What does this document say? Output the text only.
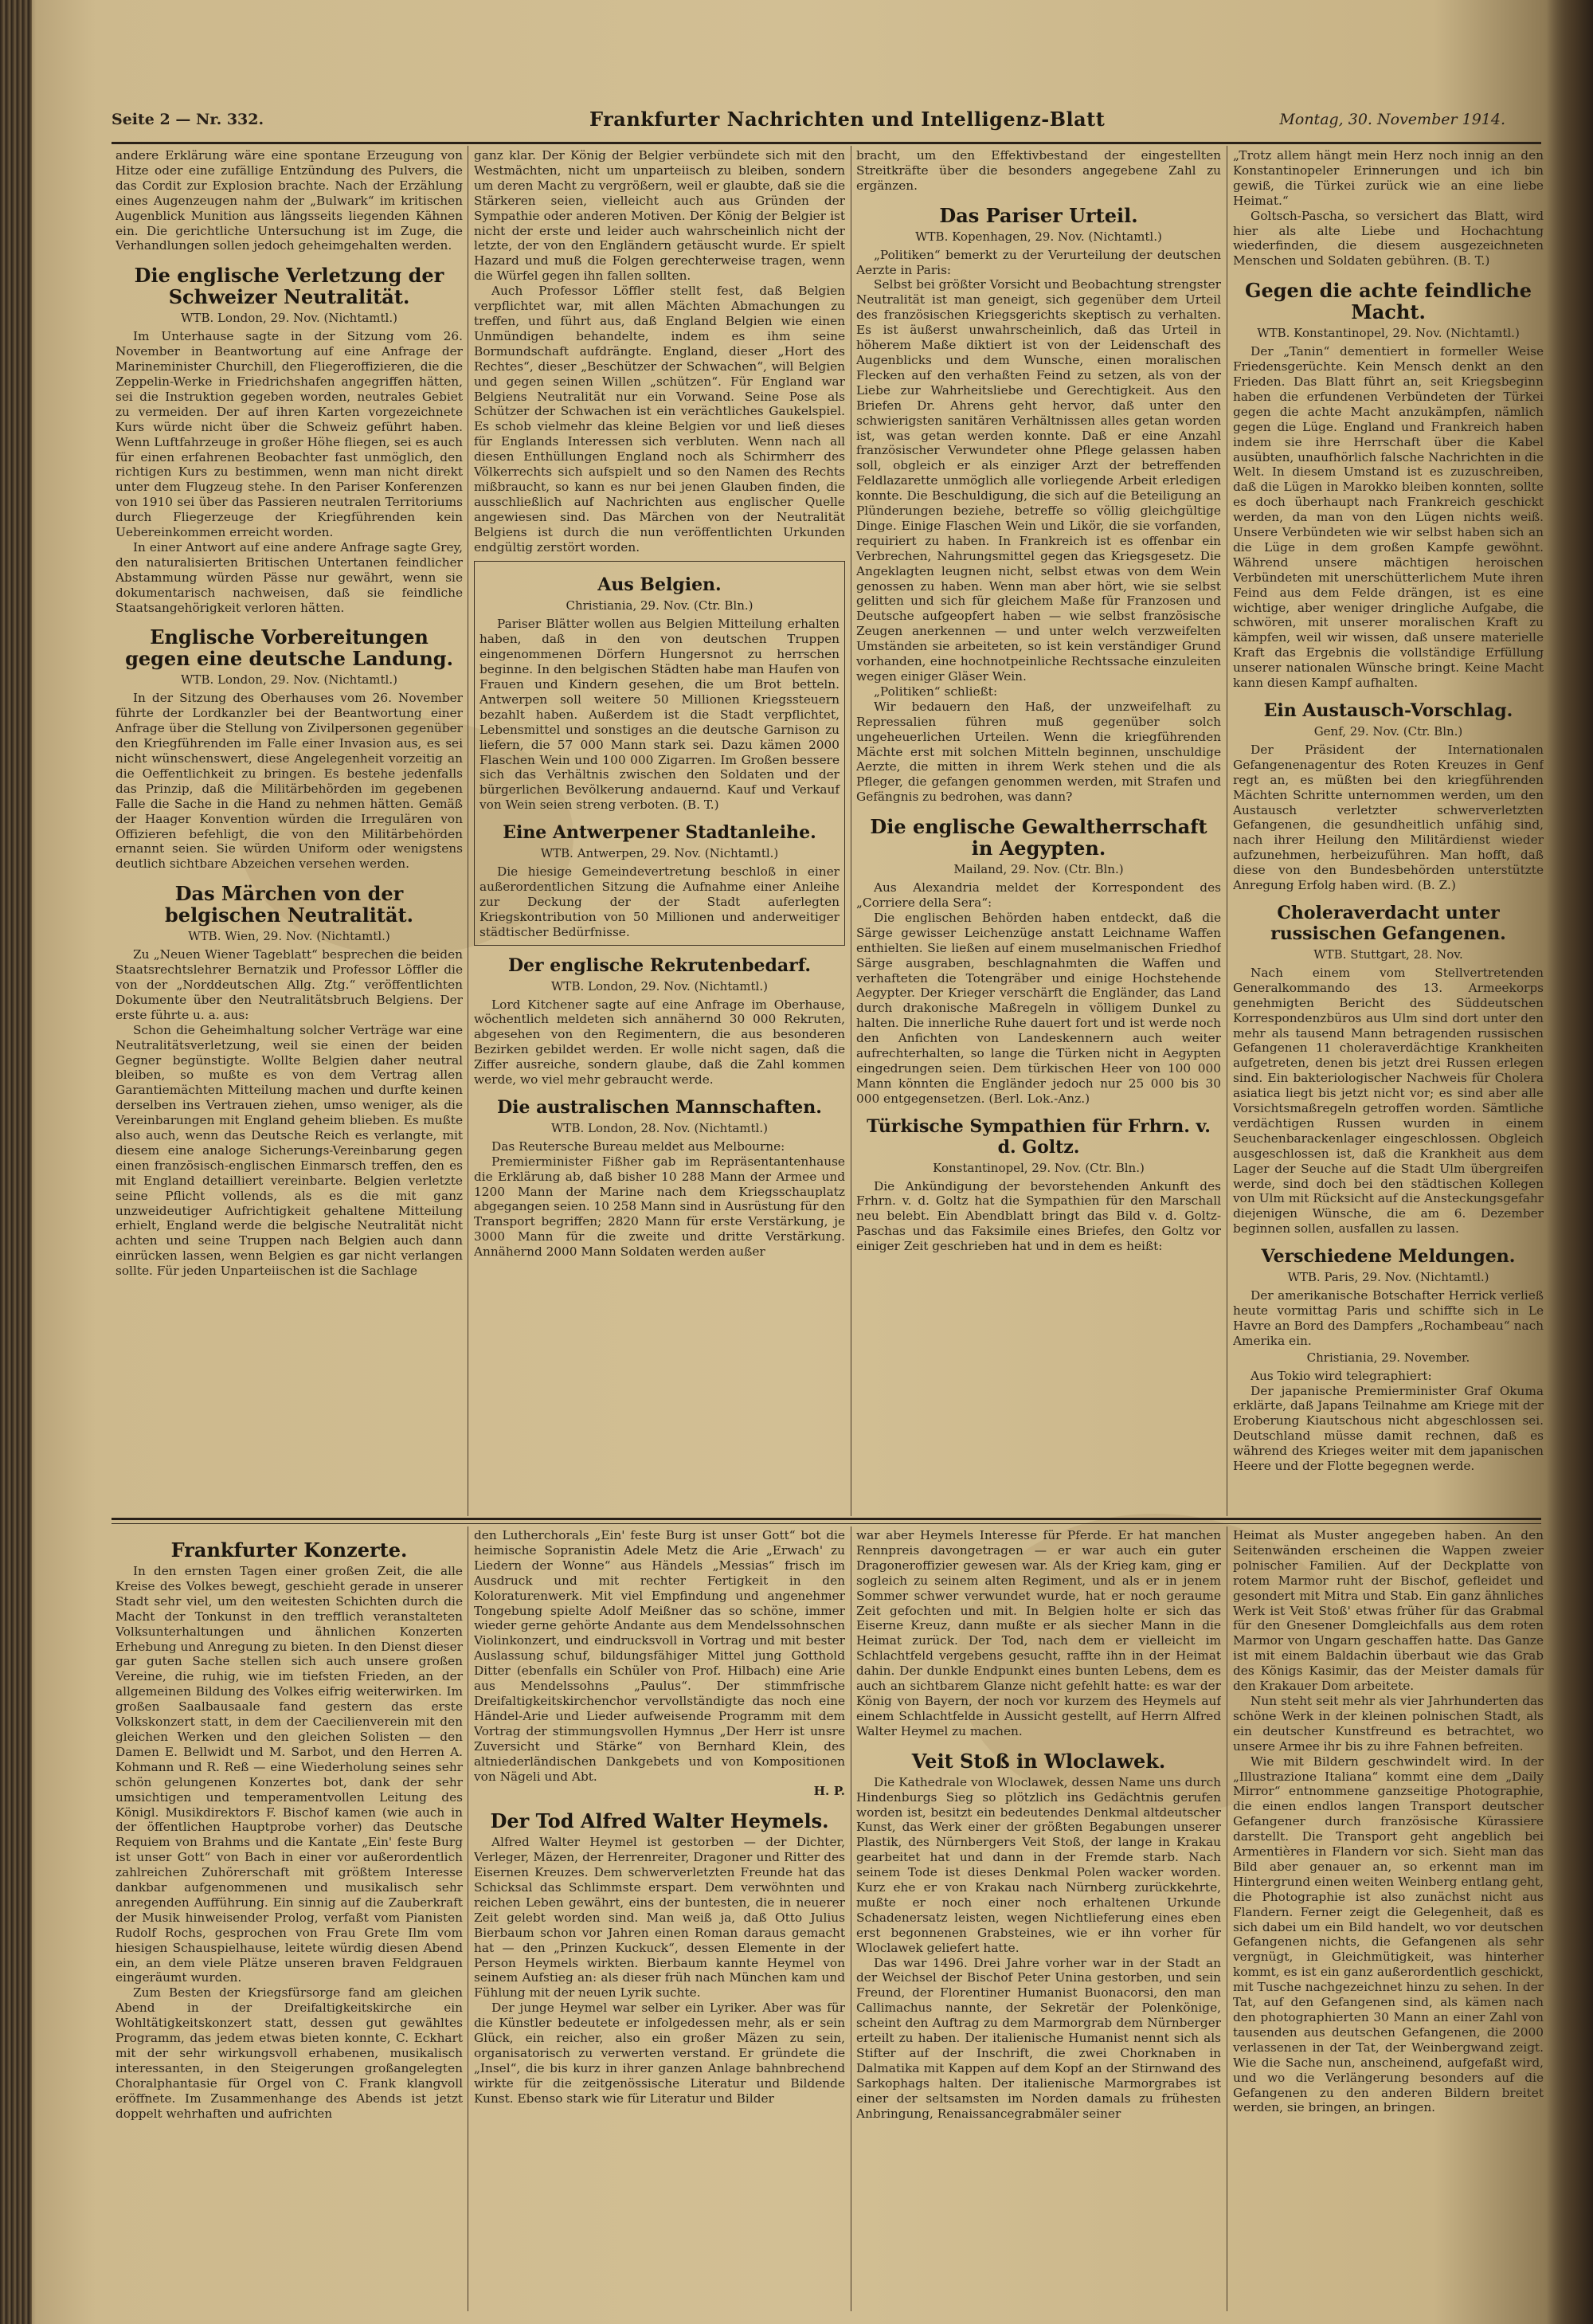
Seite 2 — Nr. 332.	Frankfurter Nachrichten und Intelligenz-Blatt	Montag, 30. November 1914.

andere Erklärung wäre eine spontane Erzeugung von Hitze oder eine zufällige Entzündung des Pulvers, die das Cordit zur Explosion brachte. Nach der Erzählung eines Augenzeugen nahm der „Bulwark“ im kritischen Augenblick Munition aus längsseits liegenden Kähnen ein. Die gerichtliche Untersuchung ist im Zuge, die Verhandlungen sollen jedoch geheimgehalten werden.

Die englische Verletzung der Schweizer Neutralität.
WTB. London, 29. Nov. (Nichtamtl.)

Im Unterhause sagte in der Sitzung vom 26. November in Beantwortung auf eine Anfrage der Marineminister Churchill, den Fliegeroffizieren, die die Zeppelin-Werke in Friedrichshafen angegriffen hätten, sei die Instruktion gegeben worden, neutrales Gebiet zu vermeiden. Der auf ihren Karten vorgezeichnete Kurs würde nicht über die Schweiz geführt haben. Wenn Luftfahrzeuge in großer Höhe fliegen, sei es auch für einen erfahrenen Beobachter fast unmöglich, den richtigen Kurs zu bestimmen, wenn man nicht direkt unter dem Flugzeug stehe. In den Pariser Konferenzen von 1910 sei über das Passieren neutralen Territoriums durch Fliegerzeuge der Kriegführenden kein Uebereinkommen erreicht worden.

In einer Antwort auf eine andere Anfrage sagte Grey, den naturalisierten Britischen Untertanen feindlicher Abstammung würden Pässe nur gewährt, wenn sie dokumentarisch nachweisen, daß sie feindliche Staatsangehörigkeit verloren hätten.

Englische Vorbereitungen gegen eine deutsche Landung.
WTB. London, 29. Nov. (Nichtamtl.)

In der Sitzung des Oberhauses vom 26. November führte der Lordkanzler bei der Beantwortung einer Anfrage über die Stellung von Zivilpersonen gegenüber den Kriegführenden im Falle einer Invasion aus, es sei nicht wünschenswert, diese Angelegenheit vorzeitig an die Oeffentlichkeit zu bringen. Es bestehe jedenfalls das Prinzip, daß die Militärbehörden im gegebenen Falle die Sache in die Hand zu nehmen hätten. Gemäß der Haager Konvention würden die Irregulären von Offizieren befehligt, die von den Militärbehörden ernannt seien. Sie würden Uniform oder wenigstens deutlich sichtbare Abzeichen versehen werden.

Das Märchen von der belgischen Neutralität.
WTB. Wien, 29. Nov. (Nichtamtl.)

Zu „Neuen Wiener Tageblatt“ besprechen die beiden Staatsrechtslehrer Bernatzik und Professor Löffler die von der „Norddeutschen Allg. Ztg.“ veröffentlichten Dokumente über den Neutralitätsbruch Belgiens. Der erste führte u. a. aus:

Schon die Geheimhaltung solcher Verträge war eine Neutralitätsverletzung, weil sie einen der beiden Gegner begünstigte. Wollte Belgien daher neutral bleiben, so mußte es von dem Vertrag allen Garantiemächten Mitteilung machen und durfte keinen derselben ins Vertrauen ziehen, umso weniger, als die Vereinbarungen mit England geheim blieben. Es mußte also auch, wenn das Deutsche Reich es verlangte, mit diesem eine analoge Sicherungs-Vereinbarung gegen einen französisch-englischen Einmarsch treffen, den es mit England detailliert vereinbarte. Belgien verletzte seine Pflicht vollends, als es die mit ganz unzweideutiger Aufrichtigkeit gehaltene Mitteilung erhielt, England werde die belgische Neutralität nicht achten und seine Truppen nach Belgien auch dann einrücken lassen, wenn Belgien es gar nicht verlangen sollte. Für jeden Unparteiischen ist die Sachlage

ganz klar. Der König der Belgier verbündete sich mit den Westmächten, nicht um unparteiisch zu bleiben, sondern um deren Macht zu vergrößern, weil er glaubte, daß sie die Stärkeren seien, vielleicht auch aus Gründen der Sympathie oder anderen Motiven. Der König der Belgier ist nicht der erste und leider auch wahrscheinlich nicht der letzte, der von den Engländern getäuscht wurde. Er spielt Hazard und muß die Folgen gerechterweise tragen, wenn die Würfel gegen ihn fallen sollten.

Auch Professor Löffler stellt fest, daß Belgien verpflichtet war, mit allen Mächten Abmachungen zu treffen, und führt aus, daß England Belgien wie einen Unmündigen behandelte, indem es ihm seine Bormundschaft aufdrängte. England, dieser „Hort des Rechtes“, dieser „Beschützer der Schwachen“, will Belgien und gegen seinen Willen „schützen“. Für England war Belgiens Neutralität nur ein Vorwand. Seine Pose als Schützer der Schwachen ist ein verächtliches Gaukelspiel. Es schob vielmehr das kleine Belgien vor und ließ dieses für Englands Interessen sich verbluten. Wenn nach all diesen Enthüllungen England noch als Schirmherr des Völkerrechts sich aufspielt und so den Namen des Rechts mißbraucht, so kann es nur bei jenen Glauben finden, die ausschließlich auf Nachrichten aus englischer Quelle angewiesen sind. Das Märchen von der Neutralität Belgiens ist durch die nun veröffentlichten Urkunden endgültig zerstört worden.

Aus Belgien.
Christiania, 29. Nov. (Ctr. Bln.)

Pariser Blätter wollen aus Belgien Mitteilung erhalten haben, daß in den von deutschen Truppen eingenommenen Dörfern Hungersnot zu herrschen beginne. In den belgischen Städten habe man Haufen von Frauen und Kindern gesehen, die um Brot betteln. Antwerpen soll weitere 50 Millionen Kriegssteuern bezahlt haben. Außerdem ist die Stadt verpflichtet, Lebensmittel und sonstiges an die deutsche Garnison zu liefern, die 57 000 Mann stark sei. Dazu kämen 2000 Flaschen Wein und 100 000 Zigarren. Im Großen bessere sich das Verhältnis zwischen den Soldaten und der bürgerlichen Bevölkerung andauernd. Kauf und Verkauf von Wein seien streng verboten. (B. T.)

Eine Antwerpener Stadtanleihe.
WTB. Antwerpen, 29. Nov. (Nichtamtl.)

Die hiesige Gemeindevertretung beschloß in einer außerordentlichen Sitzung die Aufnahme einer Anleihe zur Deckung der der Stadt auferlegten Kriegskontribution von 50 Millionen und anderweitiger städtischer Bedürfnisse.

Der englische Rekrutenbedarf.
WTB. London, 29. Nov. (Nichtamtl.)

Lord Kitchener sagte auf eine Anfrage im Oberhause, wöchentlich meldeten sich annähernd 30 000 Rekruten, abgesehen von den Regimentern, die aus besonderen Bezirken gebildet werden. Er wolle nicht sagen, daß die Ziffer ausreiche, sondern glaube, daß die Zahl kommen werde, wo viel mehr gebraucht werde.

Die australischen Mannschaften.
WTB. London, 28. Nov. (Nichtamtl.)

Das Reutersche Bureau meldet aus Melbourne:

Premierminister Fißher gab im Repräsentantenhause die Erklärung ab, daß bisher 10 288 Mann der Armee und 1200 Mann der Marine nach dem Kriegsschauplatz abgegangen seien. 10 258 Mann sind in Ausrüstung für den Transport begriffen; 2820 Mann für erste Verstärkung, je 3000 Mann für die zweite und dritte Verstärkung. Annähernd 2000 Mann Soldaten werden außer

bracht, um den Effektivbestand der eingestellten Streitkräfte über die besonders angegebene Zahl zu ergänzen.

Das Pariser Urteil.
WTB. Kopenhagen, 29. Nov. (Nichtamtl.)

„Politiken“ bemerkt zu der Verurteilung der deutschen Aerzte in Paris:

Selbst bei größter Vorsicht und Beobachtung strengster Neutralität ist man geneigt, sich gegenüber dem Urteil des französischen Kriegsgerichts skeptisch zu verhalten. Es ist äußerst unwahrscheinlich, daß das Urteil in höherem Maße diktiert ist von der Leidenschaft des Augenblicks und dem Wunsche, einen moralischen Flecken auf den verhaßten Feind zu setzen, als von der Liebe zur Wahrheitsliebe und Gerechtigkeit. Aus den Briefen Dr. Ahrens geht hervor, daß unter den schwierigsten sanitären Verhältnissen alles getan worden ist, was getan werden konnte. Daß er eine Anzahl französischer Verwundeter ohne Pflege gelassen haben soll, obgleich er als einziger Arzt der betreffenden Feldlazarette unmöglich alle vorliegende Arbeit erledigen konnte. Die Beschuldigung, die sich auf die Beteiligung an Plünderungen beziehe, betreffe so völlig gleichgültige Dinge. Einige Flaschen Wein und Likör, die sie vorfanden, requiriert zu haben. In Frankreich ist es offenbar ein Verbrechen, Nahrungsmittel gegen das Kriegsgesetz. Die Angeklagten leugnen nicht, selbst etwas von dem Wein genossen zu haben. Wenn man aber hört, wie sie selbst gelitten und sich für gleichem Maße für Franzosen und Deutsche aufgeopfert haben — wie selbst französische Zeugen anerkennen — und unter welch verzweifelten Umständen sie arbeiteten, so ist kein verständiger Grund vorhanden, eine hochnotpeinliche Rechtssache einzuleiten wegen einiger Gläser Wein.

„Politiken“ schließt:

Wir bedauern den Haß, der unzweifelhaft zu Repressalien führen muß gegenüber solch ungeheuerlichen Urteilen. Wenn die kriegführenden Mächte erst mit solchen Mitteln beginnen, unschuldige Aerzte, die mitten in ihrem Werk stehen und die als Pfleger, die gefangen genommen werden, mit Strafen und Gefängnis zu bedrohen, was dann?

Die englische Gewaltherrschaft in Aegypten.
Mailand, 29. Nov. (Ctr. Bln.)

Aus Alexandria meldet der Korrespondent des „Corriere della Sera“:

Die englischen Behörden haben entdeckt, daß die Särge gewisser Leichenzüge anstatt Leichname Waffen enthielten. Sie ließen auf einem muselmanischen Friedhof Särge ausgraben, beschlagnahmten die Waffen und verhafteten die Totengräber und einige Hochstehende Aegypter. Der Krieger verschärft die Engländer, das Land durch drakonische Maßregeln in völligem Dunkel zu halten. Die innerliche Ruhe dauert fort und ist werde noch den Anfichten von Landeskennern auch weiter aufrechterhalten, so lange die Türken nicht in Aegypten eingedrungen seien. Dem türkischen Heer von 100 000 Mann könnten die Engländer jedoch nur 25 000 bis 30 000 entgegensetzen. (Berl. Lok.-Anz.)

Türkische Sympathien für Frhrn. v. d. Goltz.
Konstantinopel, 29. Nov. (Ctr. Bln.)

Die Ankündigung der bevorstehenden Ankunft des Frhrn. v. d. Goltz hat die Sympathien für den Marschall neu belebt. Ein Abendblatt bringt das Bild v. d. Goltz-Paschas und das Faksimile eines Briefes, den Goltz vor einiger Zeit geschrieben hat und in dem es heißt:

„Trotz allem hängt mein Herz noch innig an den Konstantinopeler Erinnerungen und ich bin gewiß, die Türkei zurück wie an eine liebe Heimat.“

Goltsch-Pascha, so versichert das Blatt, wird hier als alte Liebe und Hochachtung wiederfinden, die diesem ausgezeichneten Menschen und Soldaten gebühren. (B. T.)

Gegen die achte feindliche Macht.
WTB. Konstantinopel, 29. Nov. (Nichtamtl.)

Der „Tanin“ dementiert in formeller Weise Friedensgerüchte. Kein Mensch denkt an den Frieden. Das Blatt führt an, seit Kriegsbeginn haben die erfundenen Verbündeten der Türkei gegen die achte Macht anzukämpfen, nämlich gegen die Lüge. England und Frankreich haben indem sie ihre Herrschaft über die Kabel ausübten, unaufhörlich falsche Nachrichten in die Welt. In diesem Umstand ist es zuzuschreiben, daß die Lügen in Marokko bleiben konnten, sollte es doch überhaupt nach Frankreich geschickt werden, da man von den Lügen nichts weiß. Unsere Verbündeten wie wir selbst haben sich an die Lüge in dem großen Kampfe gewöhnt. Während unsere mächtigen heroischen Verbündeten mit unerschütterlichem Mute ihren Feind aus dem Felde drängen, ist es eine wichtige, aber weniger dringliche Aufgabe, die schwören, mit unserer moralischen Kraft zu kämpfen, weil wir wissen, daß unsere materielle Kraft das Ergebnis die vollständige Erfüllung unserer nationalen Wünsche bringt. Keine Macht kann diesen Kampf aufhalten.

Ein Austausch-Vorschlag.
Genf, 29. Nov. (Ctr. Bln.)

Der Präsident der Internationalen Gefangenenagentur des Roten Kreuzes in Genf regt an, es müßten bei den kriegführenden Mächten Schritte unternommen werden, um den Austausch verletzter schwerverletzten Gefangenen, die gesundheitlich unfähig sind, nach ihrer Heilung den Militärdienst wieder aufzunehmen, herbeizuführen. Man hofft, daß diese von den Bundesbehörden unterstützte Anregung Erfolg haben wird. (B. Z.)

Choleraverdacht unter russischen Gefangenen.
WTB. Stuttgart, 28. Nov.

Nach einem vom Stellvertretenden Generalkommando des 13. Armeekorps genehmigten Bericht des Süddeutschen Korrespondenzbüros aus Ulm sind dort unter den mehr als tausend Mann betragenden russischen Gefangenen 11 choleraverdächtige Krankheiten aufgetreten, denen bis jetzt drei Russen erlegen sind. Ein bakteriologischer Nachweis für Cholera asiatica liegt bis jetzt nicht vor; es sind aber alle Vorsichtsmaßregeln getroffen worden. Sämtliche verdächtigen Russen wurden in einem Seuchenbarackenlager eingeschlossen. Obgleich ausgeschlossen ist, daß die Krankheit aus dem Lager der Seuche auf die Stadt Ulm übergreifen werde, sind doch bei den städtischen Kollegen von Ulm mit Rücksicht auf die Ansteckungsgefahr diejenigen Wünsche, die am 6. Dezember beginnen sollen, ausfallen zu lassen.

Verschiedene Meldungen.
WTB. Paris, 29. Nov. (Nichtamtl.)

Der amerikanische Botschafter Herrick verließ heute vormittag Paris und schiffte sich in Le Havre an Bord des Dampfers „Rochambeau“ nach Amerika ein.

Christiania, 29. November.

Aus Tokio wird telegraphiert:

Der japanische Premierminister Graf Okuma erklärte, daß Japans Teilnahme am Kriege mit der Eroberung Kiautschous nicht abgeschlossen sei. Deutschland müsse damit rechnen, daß es während des Krieges weiter mit dem japanischen Heere und der Flotte begegnen werde.

Frankfurter Konzerte.

In den ernsten Tagen einer großen Zeit, die alle Kreise des Volkes bewegt, geschieht gerade in unserer Stadt sehr viel, um den weitesten Schichten durch die Macht der Tonkunst in den trefflich veranstalteten Volksunterhaltungen und ähnlichen Konzerten Erhebung und Anregung zu bieten. In den Dienst dieser gar guten Sache stellen sich auch unsere großen Vereine, die ruhig, wie im tiefsten Frieden, an der allgemeinen Bildung des Volkes eifrig weiterwirken. Im großen Saalbausaale fand gestern das erste Volkskonzert statt, in dem der Caecilienverein mit den gleichen Werken und den gleichen Solisten — den Damen E. Bellwidt und M. Sarbot, und den Herren A. Kohmann und R. Reß — eine Wiederholung seines sehr schön gelungenen Konzertes bot, dank der sehr umsichtigen und temperamentvollen Leitung des Königl. Musikdirektors F. Bischof kamen (wie auch in der öffentlichen Hauptprobe vorher) das Deutsche Requiem von Brahms und die Kantate „Ein' feste Burg ist unser Gott“ von Bach in einer vor außerordentlich zahlreichen Zuhörerschaft mit größtem Interesse dankbar aufgenommenen und musikalisch sehr anregenden Aufführung. Ein sinnig auf die Zauberkraft der Musik hinweisender Prolog, verfaßt vom Pianisten Rudolf Rochs, gesprochen von Frau Grete Ilm vom hiesigen Schauspielhause, leitete würdig diesen Abend ein, an dem viele Plätze unseren braven Feldgrauen eingeräumt wurden.

Zum Besten der Kriegsfürsorge fand am gleichen Abend in der Dreifaltigkeitskirche ein Wohltätigkeitskonzert statt, dessen gut gewähltes Programm, das jedem etwas bieten konnte, C. Eckhart mit der sehr wirkungsvoll erhabenen, musikalisch interessanten, in den Steigerungen großangelegten Choralphantasie für Orgel von C. Frank klangvoll eröffnete. Im Zusammenhange des Abends ist jetzt doppelt wehrhaften und aufrichten

den Lutherchorals „Ein' feste Burg ist unser Gott“ bot die heimische Sopranistin Adele Metz die Arie „Erwach' zu Liedern der Wonne“ aus Händels „Messias“ frisch im Ausdruck und mit rechter Fertigkeit in den Koloraturenwerk. Mit viel Empfindung und angenehmer Tongebung spielte Adolf Meißner das so schöne, immer wieder gerne gehörte Andante aus dem Mendelssohnschen Violinkonzert, und eindrucksvoll in Vortrag und mit bester Auslassung schuf, bildungsfähiger Mittel jung Gotthold Ditter (ebenfalls ein Schüler von Prof. Hilbach) eine Arie aus Mendelssohns „Paulus“. Der stimmfrische Dreifaltigkeitskirchenchor vervollständigte das noch eine Händel-Arie und Lieder aufweisende Programm mit dem Vortrag der stimmungsvollen Hymnus „Der Herr ist unsre Zuversicht und Stärke“ von Bernhard Klein, des altniederländischen Dankgebets und von Kompositionen von Nägeli und Abt.

H. P.
Der Tod Alfred Walter Heymels.

Alfred Walter Heymel ist gestorben — der Dichter, Verleger, Mäzen, der Herrenreiter, Dragoner und Ritter des Eisernen Kreuzes. Dem schwerverletzten Freunde hat das Schicksal das Schlimmste erspart. Dem verwöhnten und reichen Leben gewährt, eins der buntesten, die in neuerer Zeit gelebt worden sind. Man weiß ja, daß Otto Julius Bierbaum schon vor Jahren einen Roman daraus gemacht hat — den „Prinzen Kuckuck“, dessen Elemente in der Person Heymels wirkten. Bierbaum kannte Heymel von seinem Aufstieg an: als dieser früh nach München kam und Fühlung mit der neuen Lyrik suchte.

Der junge Heymel war selber ein Lyriker. Aber was für die Künstler bedeutete er infolgedessen mehr, als er sein Glück, ein reicher, also ein großer Mäzen zu sein, organisatorisch zu verwerten verstand. Er gründete die „Insel“, die bis kurz in ihrer ganzen Anlage bahnbrechend wirkte für die zeitgenössische Literatur und Bildende Kunst. Ebenso stark wie für Literatur und Bilder

war aber Heymels Interesse für Pferde. Er hat manchen Rennpreis davongetragen — er war auch ein guter Dragoneroffizier gewesen war. Als der Krieg kam, ging er sogleich zu seinem alten Regiment, und als er in jenem Sommer schwer verwundet wurde, hat er noch geraume Zeit gefochten und mit. In Belgien holte er sich das Eiserne Kreuz, dann mußte er als siecher Mann in die Heimat zurück. Der Tod, nach dem er vielleicht im Schlachtfeld vergebens gesucht, raffte ihn in der Heimat dahin. Der dunkle Endpunkt eines bunten Lebens, dem es auch an sichtbarem Glanze nicht gefehlt hatte: es war der König von Bayern, der noch vor kurzem des Heymels auf einem Schlachtfelde in Aussicht gestellt, auf Herrn Alfred Walter Heymel zu machen.

Veit Stoß in Wloclawek.

Die Kathedrale von Wloclawek, dessen Name uns durch Hindenburgs Sieg so plötzlich ins Gedächtnis gerufen worden ist, besitzt ein bedeutendes Denkmal altdeutscher Kunst, das Werk einer der größten Begabungen unserer Plastik, des Nürnbergers Veit Stoß, der lange in Krakau gearbeitet hat und dann in der Fremde starb. Nach seinem Tode ist dieses Denkmal Polen wacker worden. Kurz ehe er von Krakau nach Nürnberg zurückkehrte, mußte er noch einer noch erhaltenen Urkunde Schadenersatz leisten, wegen Nichtlieferung eines eben erst begonnenen Grabsteines, wie er ihn vorher für Wloclawek geliefert hatte.

Das war 1496. Drei Jahre vorher war in der Stadt an der Weichsel der Bischof Peter Unina gestorben, und sein Freund, der Florentiner Humanist Buonacorsi, den man Callimachus nannte, der Sekretär der Polenkönige, scheint den Auftrag zu dem Marmorgrab dem Nürnberger erteilt zu haben. Der italienische Humanist nennt sich als Stifter auf der Inschrift, die zwei Chorknaben in Dalmatika mit Kappen auf dem Kopf an der Stirnwand des Sarkophags halten. Der italienische Marmorgrabes ist einer der seltsamsten im Norden damals zu frühesten Anbringung, Renaissancegrabmäler seiner

Heimat als Muster angegeben haben. An den Seitenwänden erscheinen die Wappen zweier polnischer Familien. Auf der Deckplatte von rotem Marmor ruht der Bischof, gefleidet und gesondert mit Mitra und Stab. Ein ganz ähnliches Werk ist Veit Stoß' etwas früher für das Grabmal für den Gnesener Domgleichfalls aus dem roten Marmor von Ungarn geschaffen hatte. Das Ganze ist mit einem Baldachin überbaut wie das Grab des Königs Kasimir, das der Meister damals für den Krakauer Dom arbeitete.

Nun steht seit mehr als vier Jahrhunderten das schöne Werk in der kleinen polnischen Stadt, als ein deutscher Kunstfreund es betrachtet, wo unsere Armee ihr bis zu ihre Fahnen befreiten.

Wie mit Bildern geschwindelt wird. In der „Illustrazione Italiana“ kommt eine dem „Daily Mirror“ entnommene ganzseitige Photographie, die einen endlos langen Transport deutscher Gefangener durch französische Kürassiere darstellt. Die Transport geht angeblich bei Armentières in Flandern vor sich. Sieht man das Bild aber genauer an, so erkennt man im Hintergrund einen weiten Weinberg entlang geht, die Photographie ist also zunächst nicht aus Flandern. Ferner zeigt die Gelegenheit, daß es sich dabei um ein Bild handelt, wo vor deutschen Gefangenen nichts, die Gefangenen als sehr vergnügt, in Gleichmütigkeit, was hinterher kommt, es ist ein ganz außerordentlich geschickt, mit Tusche nachgezeichnet hinzu zu sehen. In der Tat, auf den Gefangenen sind, als kämen nach den photographierten 30 Mann an einer Zahl von tausenden aus deutschen Gefangenen, die 2000 verlassenen in der Tat, der Weinbergwand zeigt. Wie die Sache nun, anscheinend, aufgefaßt wird, und wo die Verlängerung besonders auf die Gefangenen zu den anderen Bildern breitet werden, sie bringen, an bringen.
